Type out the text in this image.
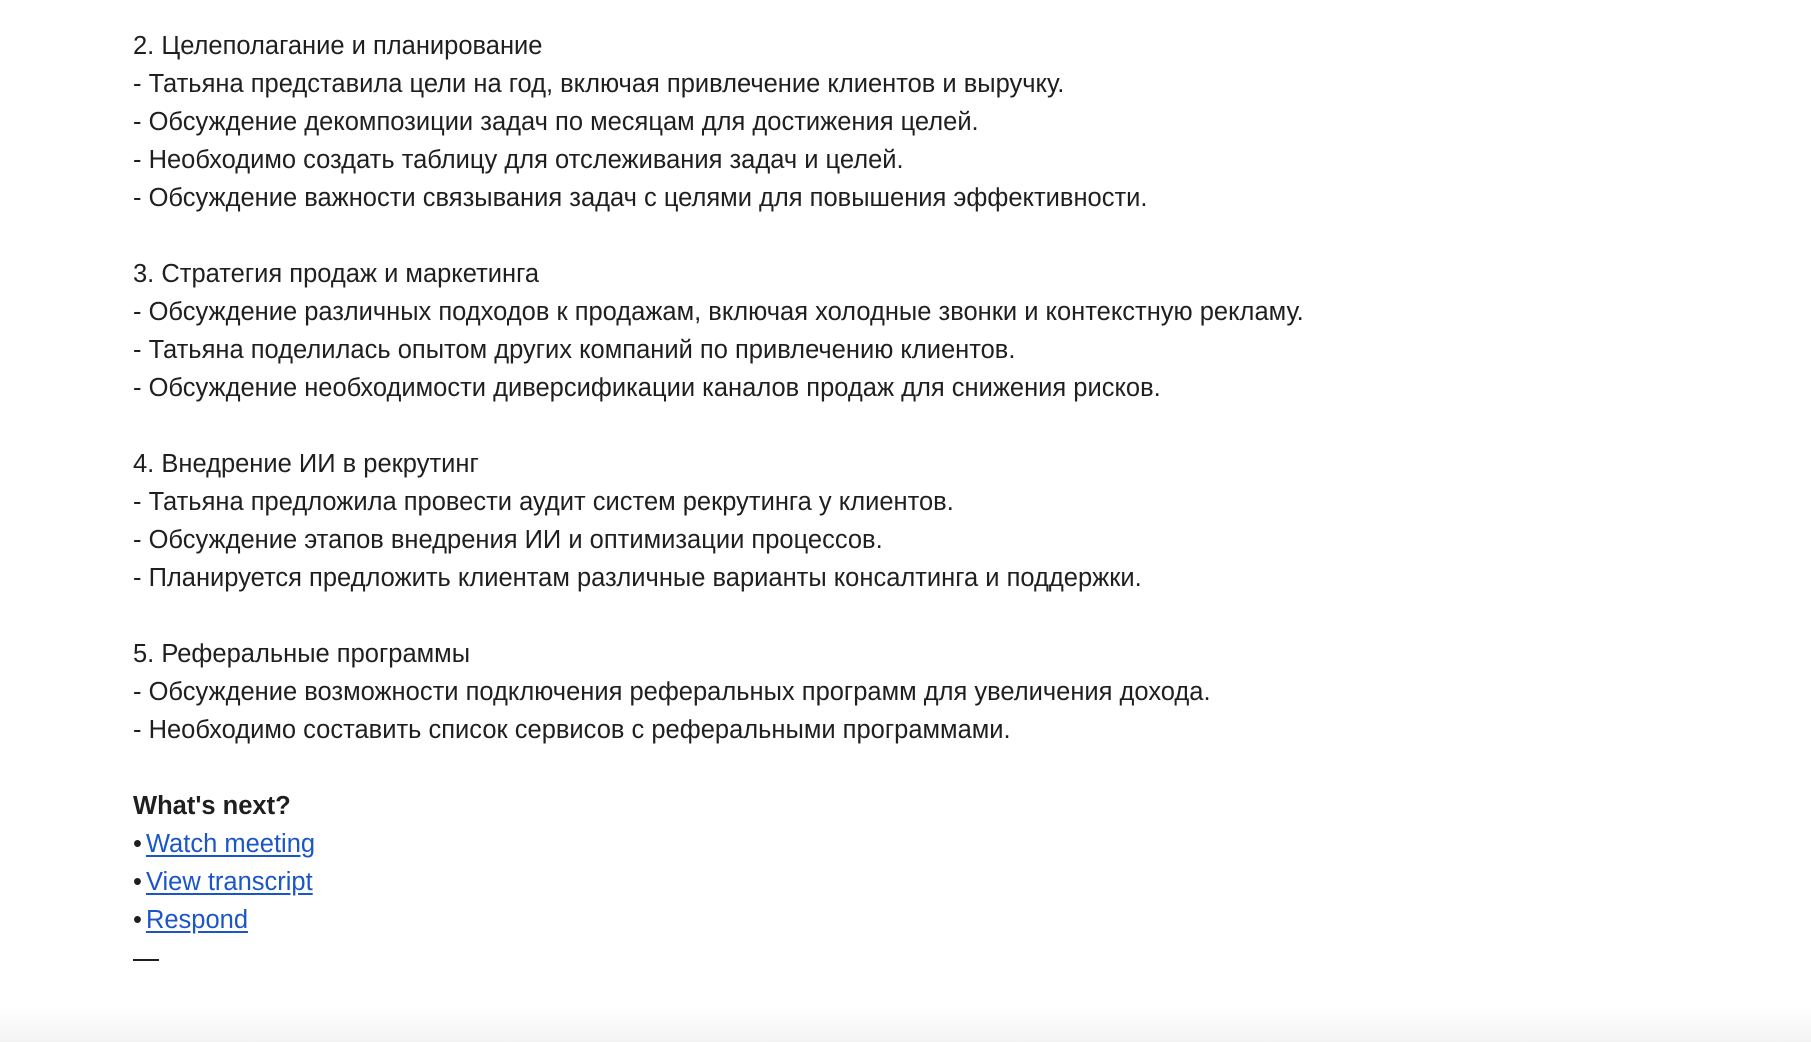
2. Целеполагание и планирование
- Татьяна представила цели на год, включая привлечение клиентов и выручку.
- Обсуждение декомпозиции задач по месяцам для достижения целей.
- Необходимо создать таблицу для отслеживания задач и целей.
- Обсуждение важности связывания задач с целями для повышения эффективности.
3. Стратегия продаж и маркетинга
- Обсуждение различных подходов к продажам, включая холодные звонки и контекстную рекламу.
- Татьяна поделилась опытом других компаний по привлечению клиентов.
- Обсуждение необходимости диверсификации каналов продаж для снижения рисков.
4. Внедрение ИИ в рекрутинг
- Татьяна предложила провести аудит систем рекрутинга у клиентов.
- Обсуждение этапов внедрения ИИ и оптимизации процессов.
- Планируется предложить клиентам различные варианты консалтинга и поддержки.
5. Реферальные программы
- Обсуждение возможности подключения реферальных программ для увеличения дохода.
- Необходимо составить список сервисов с реферальными программами.
What's next?
• Watch meeting
• View transcript
• Respond
